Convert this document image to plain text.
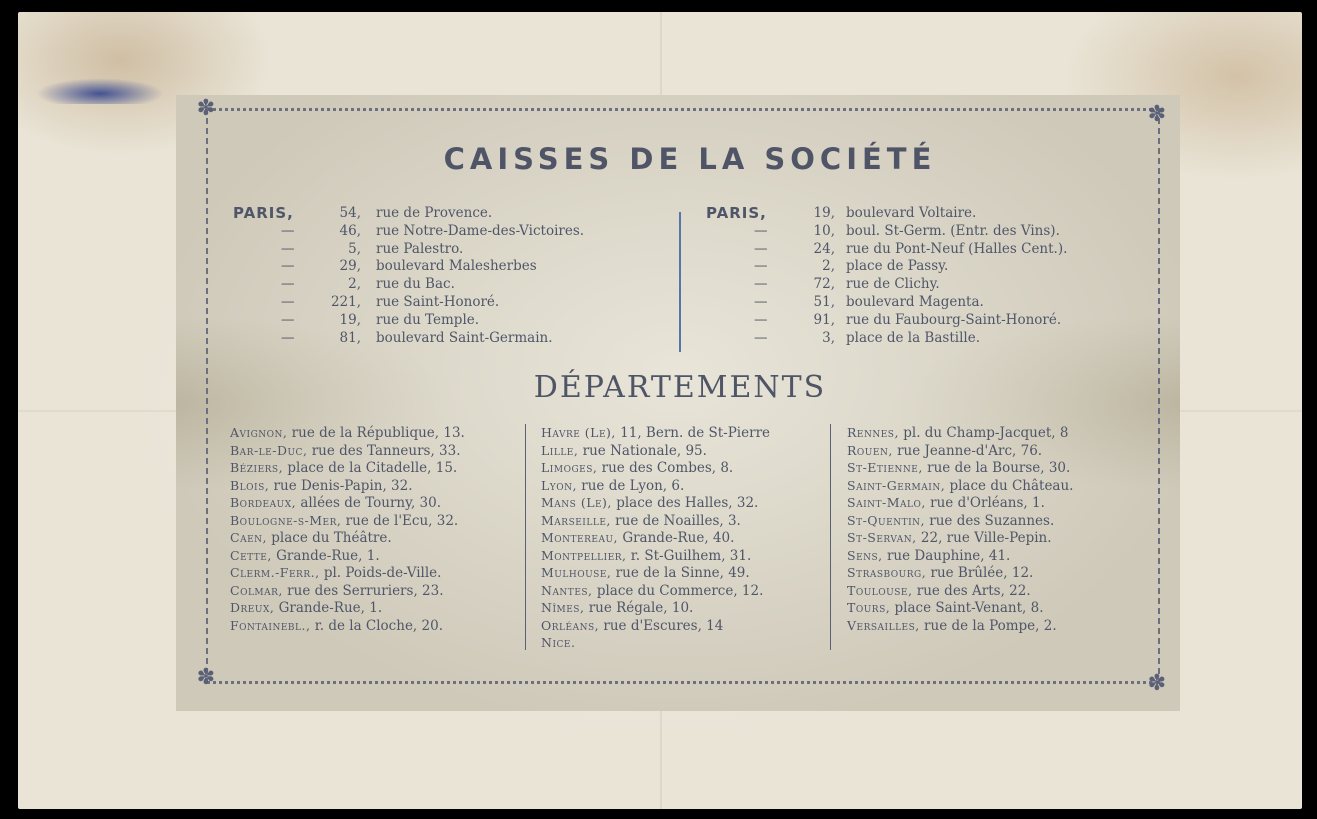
✽	✽
✽	✽
CAISSES DE LA SOCIÉTÉ
PARIS,	54, rue de Provence.
—	46, rue Notre-Dame-des-Victoires.
—	5, rue Palestro.
—	29, boulevard Malesherbes
—	2, rue du Bac.
—	221, rue Saint-Honoré.
—	19, rue du Temple.
—	81, boulevard Saint-Germain.
PARIS,	19, boulevard Voltaire.
—	10, boul. St-Germ. (Entr. des Vins).
—	24, rue du Pont-Neuf (Halles Cent.).
—	2, place de Passy.
—	72, rue de Clichy.
—	51, boulevard Magenta.
—	91, rue du Faubourg-Saint-Honoré.
—	3, place de la Bastille.
DÉPARTEMENTS
Avignon, rue de la République, 13.
Bar-le-Duc, rue des Tanneurs, 33.
Béziers, place de la Citadelle, 15.
Blois, rue Denis-Papin, 32.
Bordeaux, allées de Tourny, 30.
Boulogne-s-Mer, rue de l'Ecu, 32.
Caen, place du Théâtre.
Cette, Grande-Rue, 1.
Clerm.-Ferr., pl. Poids-de-Ville.
Colmar, rue des Serruriers, 23.
Dreux, Grande-Rue, 1.
Fontainebl., r. de la Cloche, 20.
Havre (Le), 11, Bern. de St-Pierre
Lille, rue Nationale, 95.
Limoges, rue des Combes, 8.
Lyon, rue de Lyon, 6.
Mans (Le), place des Halles, 32.
Marseille, rue de Noailles, 3.
Montereau, Grande-Rue, 40.
Montpellier, r. St-Guilhem, 31.
Mulhouse, rue de la Sinne, 49.
Nantes, place du Commerce, 12.
Nîmes, rue Régale, 10.
Orléans, rue d'Escures, 14
Nice.
Rennes, pl. du Champ-Jacquet, 8
Rouen, rue Jeanne-d'Arc, 76.
St-Etienne, rue de la Bourse, 30.
Saint-Germain, place du Château.
Saint-Malo, rue d'Orléans, 1.
St-Quentin, rue des Suzannes.
St-Servan, 22, rue Ville-Pepin.
Sens, rue Dauphine, 41.
Strasbourg, rue Brûlée, 12.
Toulouse, rue des Arts, 22.
Tours, place Saint-Venant, 8.
Versailles, rue de la Pompe, 2.
